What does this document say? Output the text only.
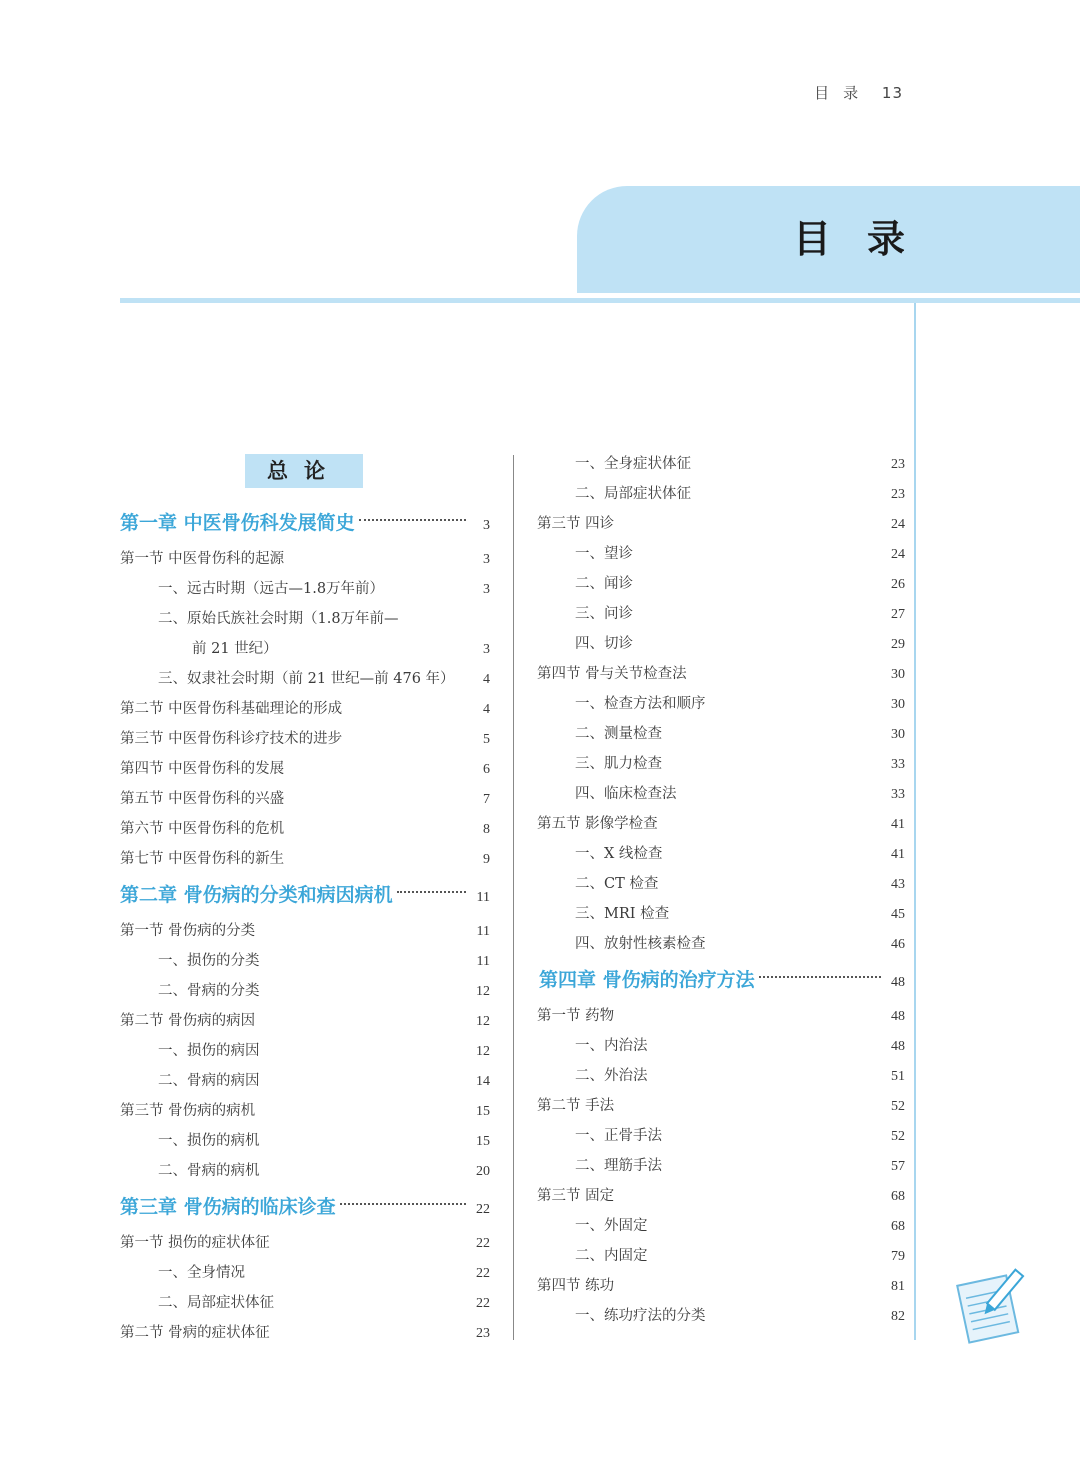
目录 13
目录
总论
第一章 中医骨伤科发展简史	3
第一节 中医骨伤科的起源	3
一、远古时期（远古—1.8万年前）	3
二、原始氏族社会时期（1.8万年前—
前 21 世纪）	3
三、奴隶社会时期（前 21 世纪—前 476 年）	4
第二节 中医骨伤科基础理论的形成	4
第三节 中医骨伤科诊疗技术的进步	5
第四节 中医骨伤科的发展	6
第五节 中医骨伤科的兴盛	7
第六节 中医骨伤科的危机	8
第七节 中医骨伤科的新生	9
第二章 骨伤病的分类和病因病机	11
第一节 骨伤病的分类	11
一、损伤的分类	11
二、骨病的分类	12
第二节 骨伤病的病因	12
一、损伤的病因	12
二、骨病的病因	14
第三节 骨伤病的病机	15
一、损伤的病机	15
二、骨病的病机	20
第三章 骨伤病的临床诊查	22
第一节 损伤的症状体征	22
一、全身情况	22
二、局部症状体征	22
第二节 骨病的症状体征	23
一、全身症状体征	23
二、局部症状体征	23
第三节 四诊	24
一、望诊	24
二、闻诊	26
三、问诊	27
四、切诊	29
第四节 骨与关节检查法	30
一、检查方法和顺序	30
二、测量检查	30
三、肌力检查	33
四、临床检查法	33
第五节 影像学检查	41
一、X 线检查	41
二、CT 检查	43
三、MRI 检查	45
四、放射性核素检查	46
第四章 骨伤病的治疗方法	48
第一节 药物	48
一、内治法	48
二、外治法	51
第二节 手法	52
一、正骨手法	52
二、理筋手法	57
第三节 固定	68
一、外固定	68
二、内固定	79
第四节 练功	81
一、练功疗法的分类	82
